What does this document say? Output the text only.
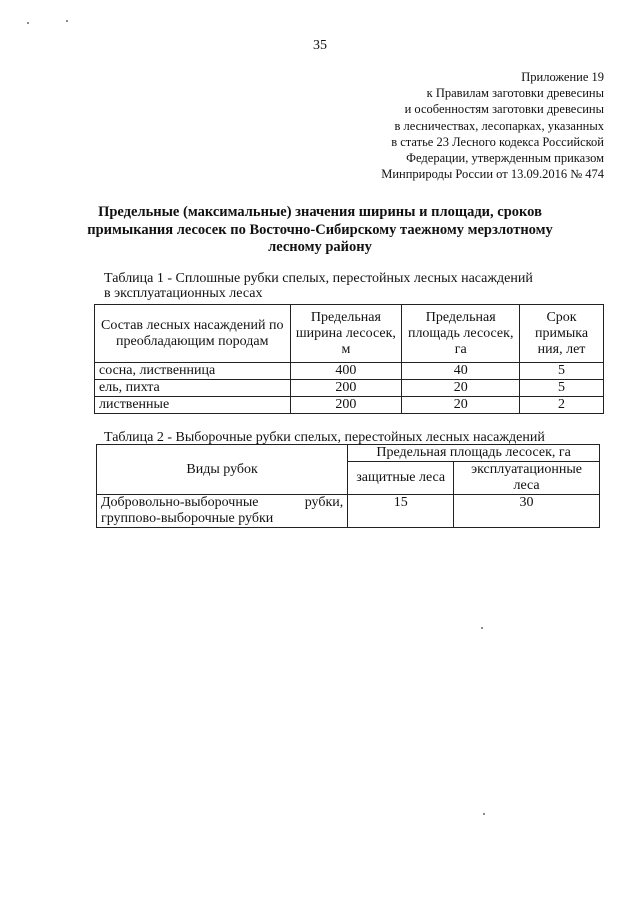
35
Приложение 19
к Правилам заготовки древесины
и особенностям заготовки древесины
в лесничествах, лесопарках, указанных
в статье 23 Лесного кодекса Российской
Федерации, утвержденным приказом
Минприроды России от 13.09.2016 № 474
Предельные (максимальные) значения ширины и площади, сроков
примыкания лесосек по Восточно-Сибирскому таежному мерзлотному
лесному району
Таблица 1 - Сплошные рубки спелых, перестойных лесных насаждений
в эксплуатационных лесах
Состав лесных насаждений по преобладающим породам	Предельная ширина лесосек, м	Предельная площадь лесосек, га	Срок примыка ния, лет
сосна, лиственница	400	40	5
ель, пихта	200	20	5
лиственные	200	20	2
Таблица 2 - Выборочные рубки спелых, перестойных лесных насаждений
Виды рубок	Предельная площадь лесосек, га	
	защитные леса	эксплуатационные леса
Добровольно-выборочные рубки, групповo-выборочные рубки	15	30
